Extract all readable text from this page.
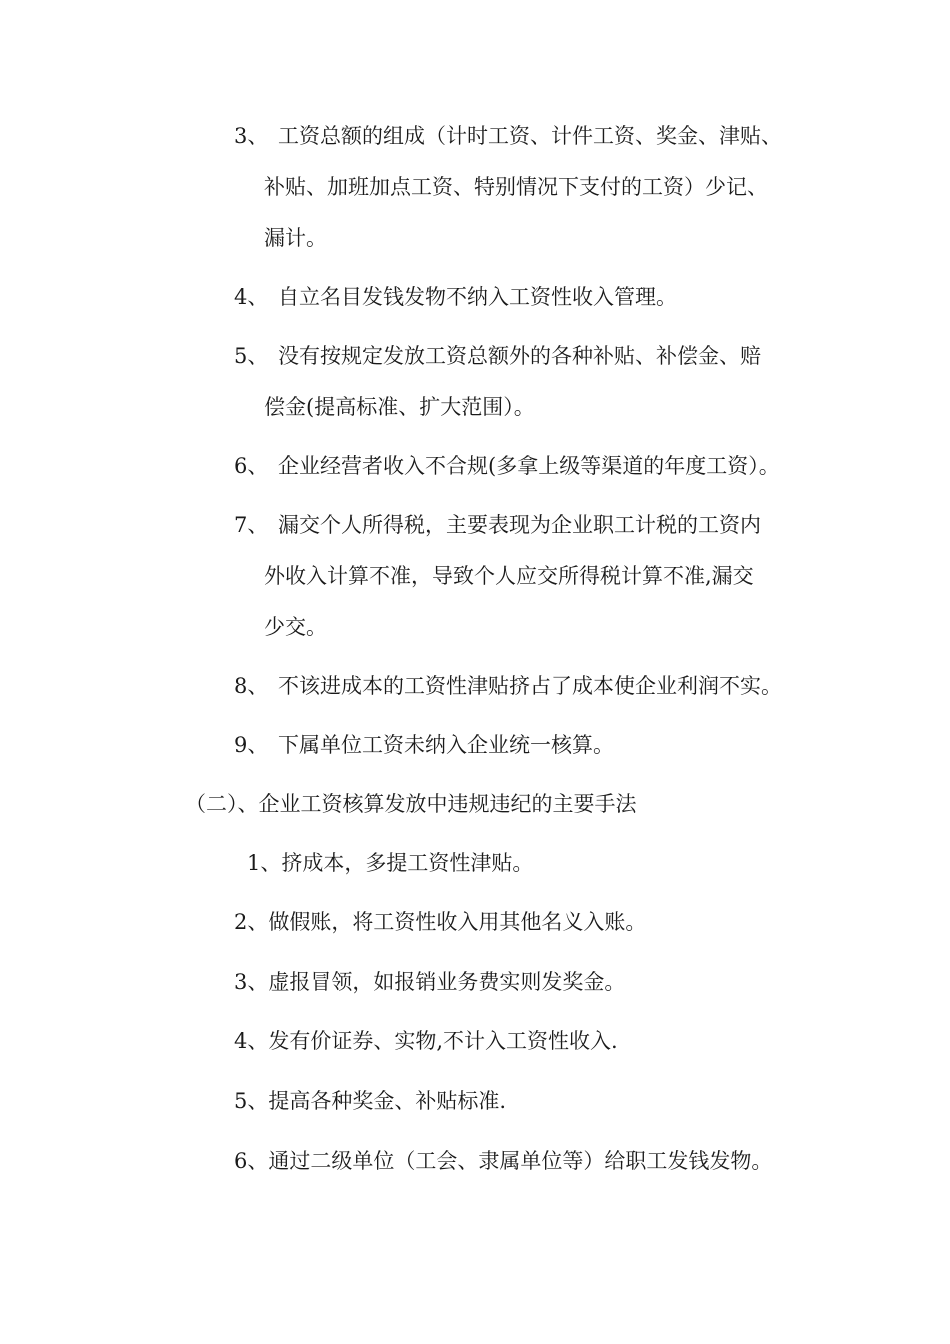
3、 工资总额的组成（计时工资、计件工资、奖金、津贴、
补贴、加班加点工资、特别情况下支付的工资）少记、
漏计。
4、 自立名目发钱发物不纳入工资性收入管理。
5、 没有按规定发放工资总额外的各种补贴、补偿金、赔
偿金(提高标准、扩大范围）。
6、 企业经营者收入不合规(多拿上级等渠道的年度工资）。
7、 漏交个人所得税，主要表现为企业职工计税的工资内
外收入计算不准，导致个人应交所得税计算不准,漏交
少交。
8、 不该进成本的工资性津贴挤占了成本使企业利润不实。
9、 下属单位工资未纳入企业统一核算。
（二）、企业工资核算发放中违规违纪的主要手法
1、挤成本，多提工资性津贴。
2、做假账，将工资性收入用其他名义入账。
3、虚报冒领，如报销业务费实则发奖金。
4、发有价证券、实物,不计入工资性收入.
5、提高各种奖金、补贴标准.
6、通过二级单位（工会、隶属单位等）给职工发钱发物。
